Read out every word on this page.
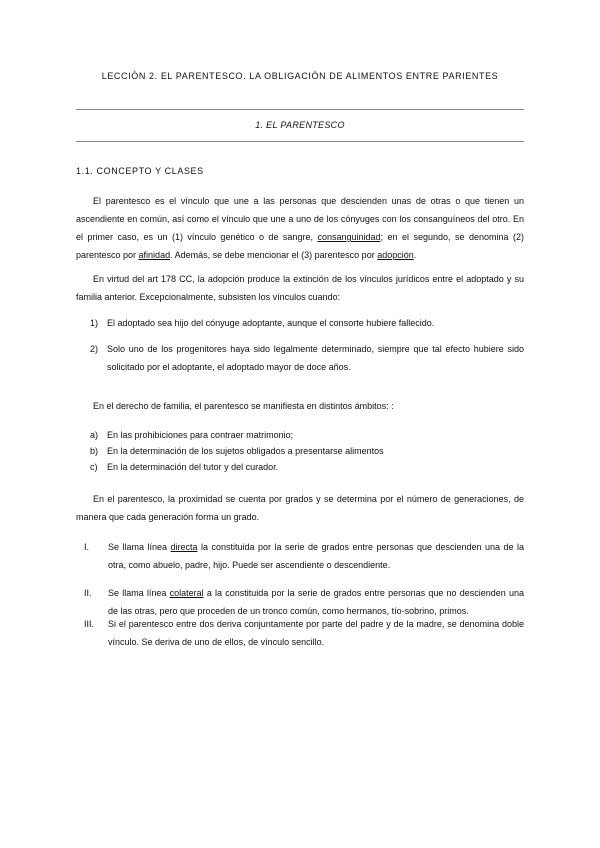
LECCIÓN 2. EL PARENTESCO. LA OBLIGACIÓN DE ALIMENTOS ENTRE PARIENTES
1. EL PARENTESCO
1.1. CONCEPTO Y CLASES

El parentesco es el vínculo que une a las personas que descienden unas de otras o que tienen un ascendiente en común, así como el vínculo que une a uno de los cónyuges con los consanguíneos del otro. En el primer caso, es un (1) vínculo genético o de sangre, consanguinidad; en el segundo, se denomina (2) parentesco por afinidad. Además, se debe mencionar el (3) parentesco por adopción.

En virtud del art 178 CC, la adopción produce la extinción de los vínculos jurídicos entre el adoptado y su familia anterior. Excepcionalmente, subsisten los vínculos cuando:

1) El adoptado sea hijo del cónyuge adoptante, aunque el consorte hubiere fallecido.
2) Solo uno de los progenitores haya sido legalmente determinado, siempre que tal efecto hubiere sido solicitado por el adoptante, el adoptado mayor de doce años.

En el derecho de familia, el parentesco se manifiesta en distintos ámbitos: :

a) En las prohibiciones para contraer matrimonio;
b) En la determinación de los sujetos obligados a presentarse alimentos
c) En la determinación del tutor y del curador.

En el parentesco, la proximidad se cuenta por grados y se determina por el número de generaciones, de manera que cada generación forma un grado.

I. Se llama línea directa la constituida por la serie de grados entre personas que descienden una de la otra, como abuelo, padre, hijo. Puede ser ascendiente o descendiente.
II. Se llama línea colateral a la constituida por la serie de grados entre personas que no descienden una de las otras, pero que proceden de un tronco común, como hermanos, tío-sobrino, primos.
III. Si el parentesco entre dos deriva conjuntamente por parte del padre y de la madre, se denomina doble vínculo. Se deriva de uno de ellos, de vínculo sencillo.
